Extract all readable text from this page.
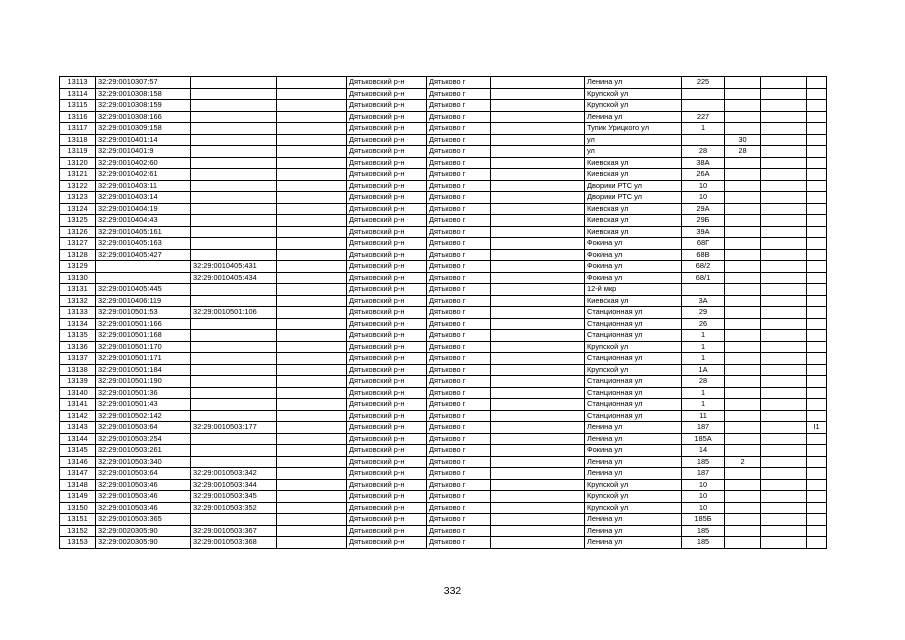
13113	32:29:0010307:57			Дятьковский р-н	Дятьково г		Ленина ул	225			
13114	32:29:0010308:158			Дятьковский р-н	Дятьково г		Крупской ул				
13115	32:29:0010308:159			Дятьковский р-н	Дятьково г		Крупской ул				
13116	32:29:0010308:166			Дятьковский р-н	Дятьково г		Ленина ул	227			
13117	32:29:0010309:158			Дятьковский р-н	Дятьково г		Тупик Урицкого ул	1			
13118	32:29:0010401:14			Дятьковский р-н	Дятьково г		ул		30		
13119	32:29:0010401:9			Дятьковский р-н	Дятьково г		ул	28	28		
13120	32:29:0010402:60			Дятьковский р-н	Дятьково г		Киевская ул	38А			
13121	32:29:0010402:61			Дятьковский р-н	Дятьково г		Киевская ул	26А			
13122	32:29:0010403:11			Дятьковский р-н	Дятьково г		Дворики РТС ул	10			
13123	32:29:0010403:14			Дятьковский р-н	Дятьково г		Дворики РТС ул	10			
13124	32:29:0010404:19			Дятьковский р-н	Дятьково г		Киевская ул	29А			
13125	32:29:0010404:43			Дятьковский р-н	Дятьково г		Киевская ул	29Б			
13126	32:29:0010405:161			Дятьковский р-н	Дятьково г		Киевская ул	39А			
13127	32:29:0010405:163			Дятьковский р-н	Дятьково г		Фокина ул	68Г			
13128	32:29:0010405:427			Дятьковский р-н	Дятьково г		Фокина ул	68В			
13129		32:29:0010405:431		Дятьковский р-н	Дятьково г		Фокина ул	68/2			
13130		32:29:0010405:434		Дятьковский р-н	Дятьково г		Фокина ул	68/1			
13131	32:29:0010405:445			Дятьковский р-н	Дятьково г		12-й мкр				
13132	32:29:0010406:119			Дятьковский р-н	Дятьково г		Киевская ул	3А			
13133	32:29:0010501:53	32:29:0010501:106		Дятьковский р-н	Дятьково г		Станционная ул	29			
13134	32:29:0010501:166			Дятьковский р-н	Дятьково г		Станционная ул	26			
13135	32:29:0010501:168			Дятьковский р-н	Дятьково г		Станционная ул	1			
13136	32:29:0010501:170			Дятьковский р-н	Дятьково г		Крупской ул	1			
13137	32:29:0010501:171			Дятьковский р-н	Дятьково г		Станционная ул	1			
13138	32:29:0010501:184			Дятьковский р-н	Дятьково г		Крупской ул	1А			
13139	32:29:0010501:190			Дятьковский р-н	Дятьково г		Станционная ул	28			
13140	32:29:0010501:36			Дятьковский р-н	Дятьково г		Станционная ул	1			
13141	32:29:0010501:43			Дятьковский р-н	Дятьково г		Станционная ул	1			
13142	32:29:0010502:142			Дятьковский р-н	Дятьково г		Станционная ул	11			
13143	32:29:0010503:64	32:29:0010503:177		Дятьковский р-н	Дятьково г		Ленина ул	187			I1
13144	32:29:0010503:254			Дятьковский р-н	Дятьково г		Ленина ул	185А			
13145	32:29:0010503:261			Дятьковский р-н	Дятьково г		Фокина ул	14			
13146	32:29:0010503:340			Дятьковский р-н	Дятьково г		Ленина ул	185	2		
13147	32:29:0010503:64	32:29:0010503:342		Дятьковский р-н	Дятьково г		Ленина ул	187			
13148	32:29:0010503:46	32:29:0010503:344		Дятьковский р-н	Дятьково г		Крупской ул	10			
13149	32:29:0010503:46	32:29:0010503:345		Дятьковский р-н	Дятьково г		Крупской ул	10			
13150	32:29:0010503:46	32:29:0010503:352		Дятьковский р-н	Дятьково г		Крупской ул	10			
13151	32:29:0010503:365			Дятьковский р-н	Дятьково г		Ленина ул	185Б			
13152	32:29:0020305:90	32:29:0010503:367		Дятьковский р-н	Дятьково г		Ленина ул	185			
13153	32:29:0020305:90	32:29:0010503:368		Дятьковский р-н	Дятьково г		Ленина ул	185			
332
